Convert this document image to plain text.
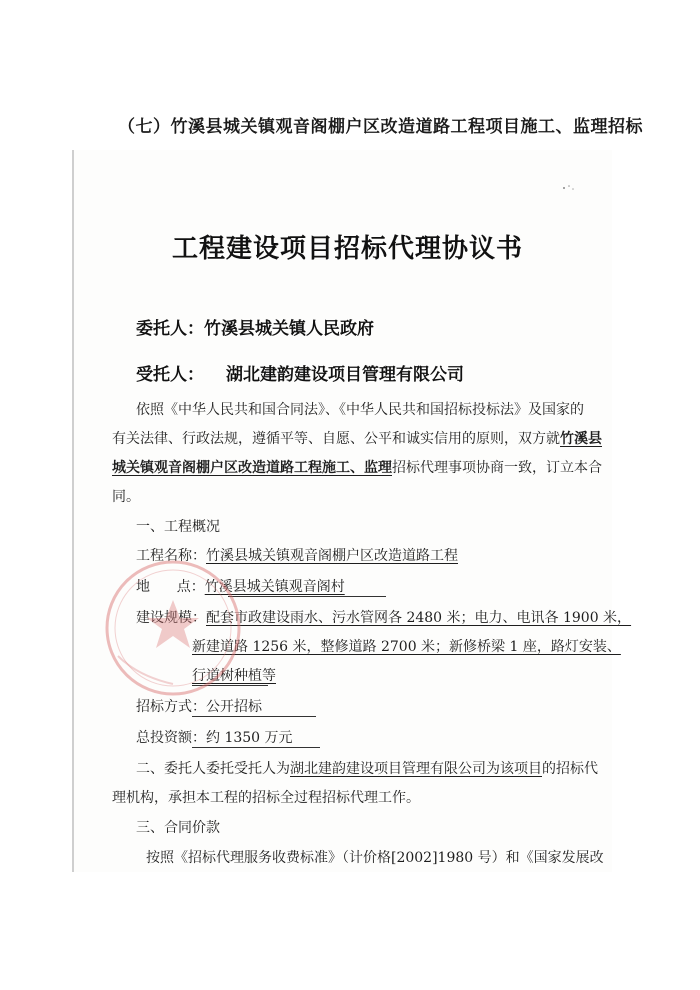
（七）竹溪县城关镇观音阁棚户区改造道路工程项目施工、监理招标
工程建设项目招标代理协议书
委托人：竹溪县城关镇人民政府
受托人： 湖北建韵建设项目管理有限公司
依照《中华人民共和国合同法》、《中华人民共和国招标投标法》及国家的
有关法律、行政法规，遵循平等、自愿、公平和诚实信用的原则，双方就竹溪县
城关镇观音阁棚户区改造道路工程施工、监理招标代理事项协商一致，订立本合
同。
一、工程概况
工程名称：竹溪县城关镇观音阁棚户区改造道路工程
地      点：竹溪县城关镇观音阁村
建设规模：配套市政建设雨水、污水管网各 2480 米；电力、电讯各 1900 米，
新建道路 1256 米，整修道路 2700 米；新修桥梁 1 座，路灯安装、
行道树种植等
招标方式：公开招标
总投资额：约 1350 万元
二、委托人委托受托人为湖北建韵建设项目管理有限公司为该项目的招标代
理机构，承担本工程的招标全过程招标代理工作。
三、合同价款
按照《招标代理服务收费标准》（计价格[2002]1980 号）和《国家发展改
